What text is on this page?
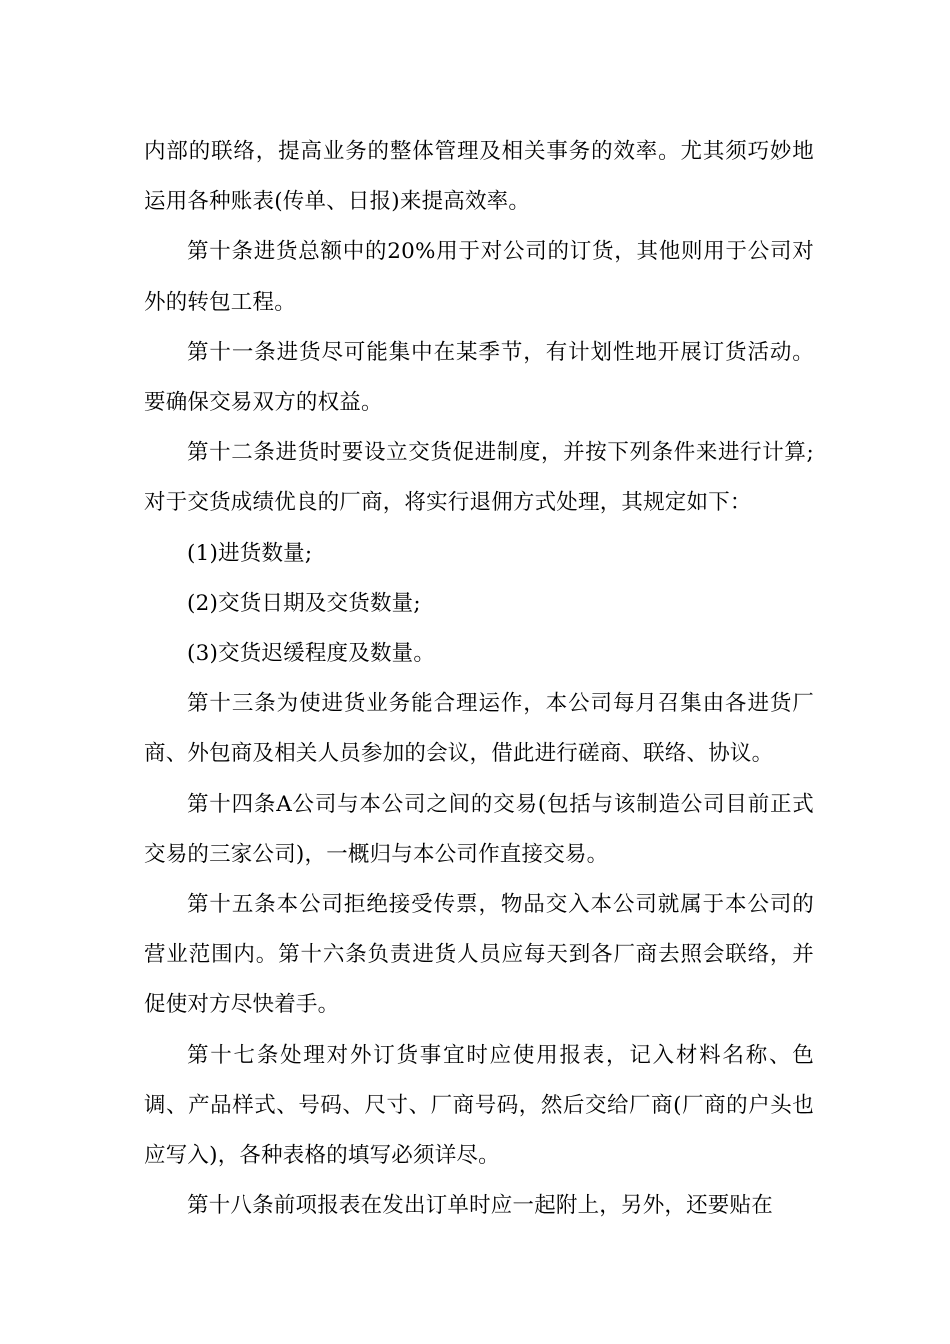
内部的联络，提高业务的整体管理及相关事务的效率。尤其须巧妙地运用各种账表(传单、日报)来提高效率。

第十条进货总额中的20%用于对公司的订货，其他则用于公司对外的转包工程。

第十一条进货尽可能集中在某季节，有计划性地开展订货活动。要确保交易双方的权益。

第十二条进货时要设立交货促进制度，并按下列条件来进行计算;对于交货成绩优良的厂商，将实行退佣方式处理，其规定如下：

(1)进货数量;

(2)交货日期及交货数量;

(3)交货迟缓程度及数量。

第十三条为使进货业务能合理运作，本公司每月召集由各进货厂商、外包商及相关人员参加的会议，借此进行磋商、联络、协议。

第十四条A公司与本公司之间的交易(包括与该制造公司目前正式交易的三家公司)，一概归与本公司作直接交易。

第十五条本公司拒绝接受传票，物品交入本公司就属于本公司的营业范围内。第十六条负责进货人员应每天到各厂商去照会联络，并促使对方尽快着手。

第十七条处理对外订货事宜时应使用报表，记入材料名称、色调、产品样式、号码、尺寸、厂商号码，然后交给厂商(厂商的户头也应写入)，各种表格的填写必须详尽。

第十八条前项报表在发出订单时应一起附上，另外，还要贴在
